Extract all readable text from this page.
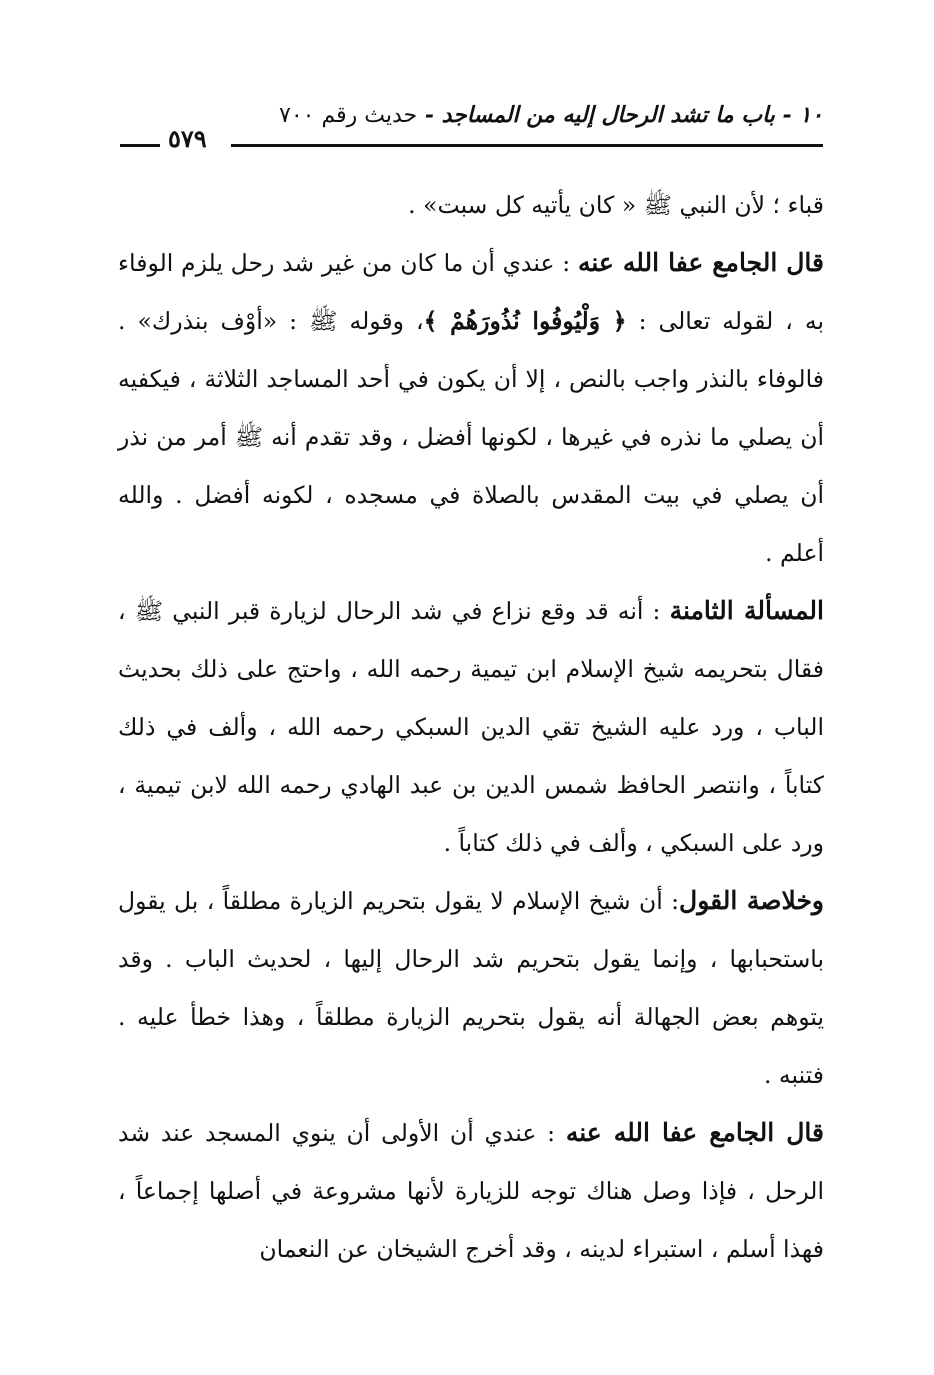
١٠ - باب ما تشد الرحال إليه من المساجد - حديث رقم ٧٠٠
٥٧٩

قباء ؛ لأن النبي ﷺ « كان يأتيه كل سبت» .

قال الجامع عفا الله عنه : عندي أن ما كان من غير شد رحل يلزم الوفاء به ، لقوله تعالى : ﴿ وَلْيُوفُوا نُذُورَهُمْ ﴾، وقوله ﷺ : «أوْف بنذرك» . فالوفاء بالنذر واجب بالنص ، إلا أن يكون في أحد المساجد الثلاثة ، فيكفيه أن يصلي ما نذره في غيرها ، لكونها أفضل ، وقد تقدم أنه ﷺ أمر من نذر أن يصلي في بيت المقدس بالصلاة في مسجده ، لكونه أفضل . والله أعلم .

المسألة الثامنة : أنه قد وقع نزاع في شد الرحال لزيارة قبر النبي ﷺ ، فقال بتحريمه شيخ الإسلام ابن تيمية رحمه الله ، واحتج على ذلك بحديث الباب ، ورد عليه الشيخ تقي الدين السبكي رحمه الله ، وألف في ذلك كتاباً ، وانتصر الحافظ شمس الدين بن عبد الهادي رحمه الله لابن تيمية ، ورد على السبكي ، وألف في ذلك كتاباً .

وخلاصة القول: أن شيخ الإسلام لا يقول بتحريم الزيارة مطلقاً ، بل يقول باستحبابها ، وإنما يقول بتحريم شد الرحال إليها ، لحديث الباب . وقد يتوهم بعض الجهالة أنه يقول بتحريم الزيارة مطلقاً ، وهذا خطأ عليه . فتنبه .

قال الجامع عفا الله عنه : عندي أن الأولى أن ينوي المسجد عند شد الرحل ، فإذا وصل هناك توجه للزيارة لأنها مشروعة في أصلها إجماعاً ، فهذا أسلم ، استبراء لدينه ، وقد أخرج الشيخان عن النعمان
